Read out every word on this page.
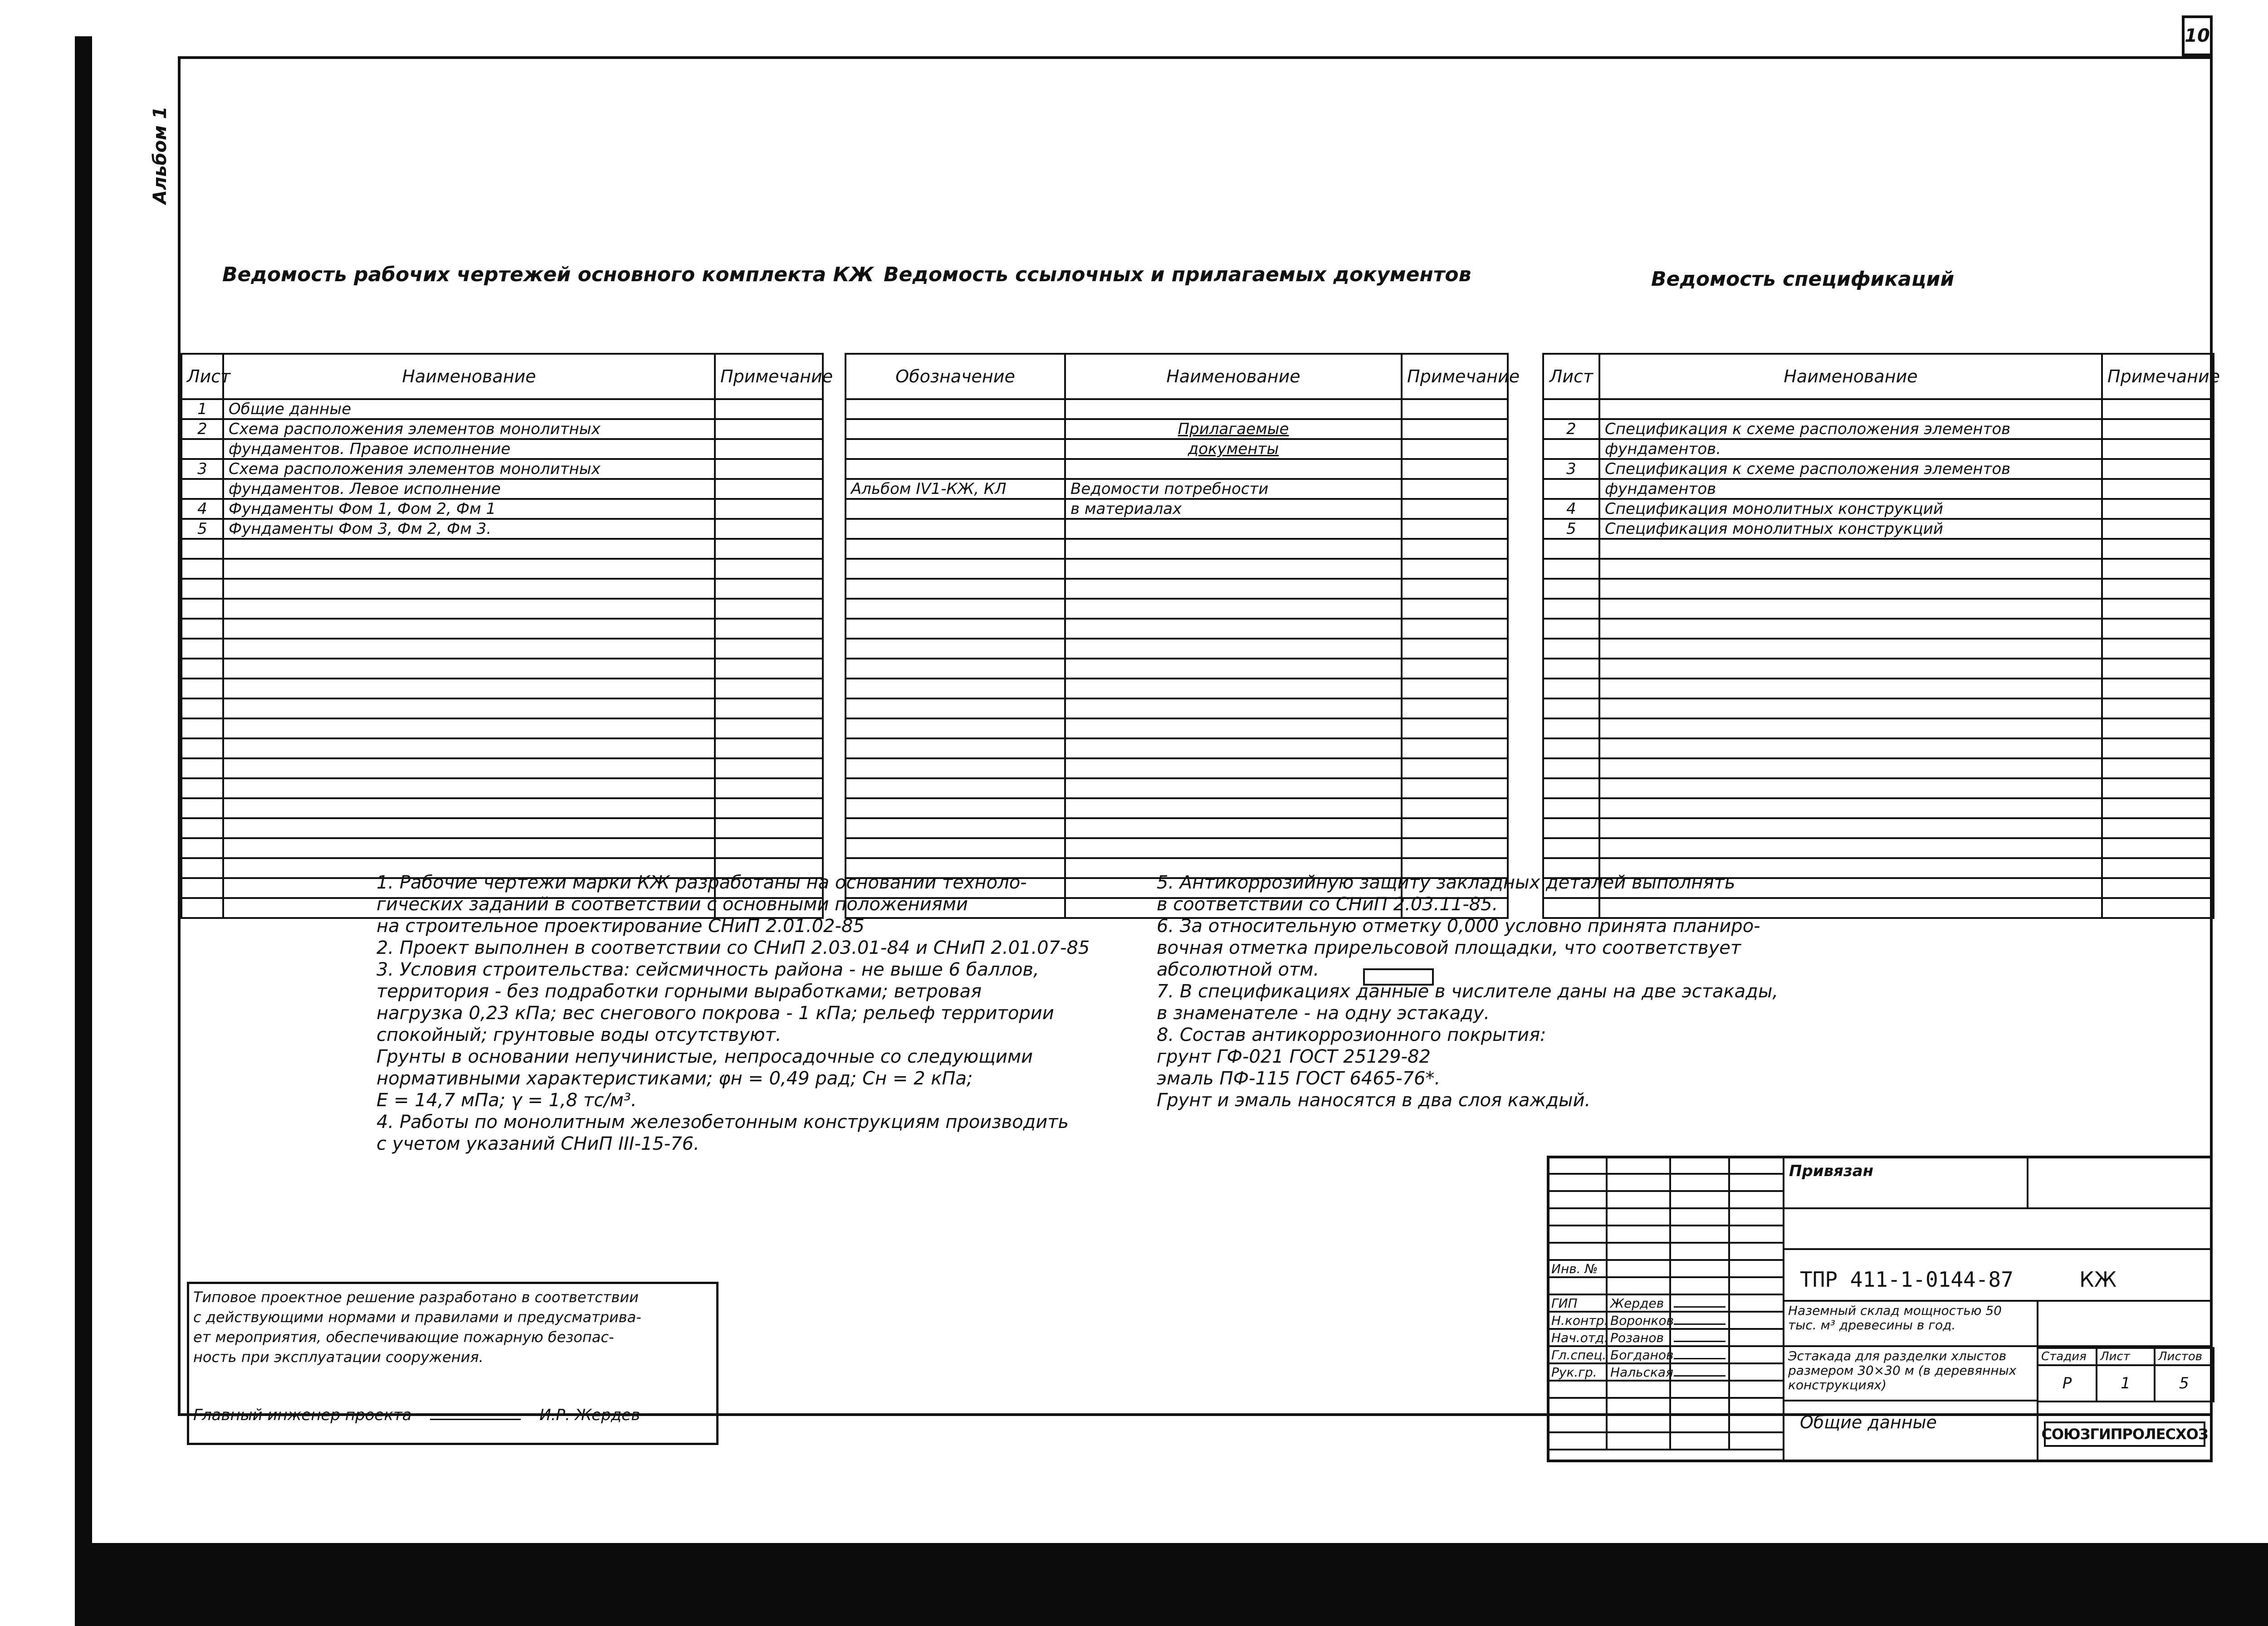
10
Альбом 1
Ведомость рабочих чертежей основного комплекта КЖ Ведомость ссылочных и прилагаемых документов	Ведомость спецификаций
Лист	Наименование	Примечание
1	Общие данные	
2	Схема расположения элементов монолитных	
	фундаментов. Правое исполнение	
3	Схема расположения элементов монолитных	
	фундаментов. Левое исполнение	
4	Фундаменты Фом 1, Фом 2, Фм 1	
5	Фундаменты Фом 3, Фм 2, Фм 3.	

Обозначение	Наименование	Примечание

	Прилагаемые	
	документы	

Альбом IV1-КЖ, КЛ	Ведомости потребности	
	в материалах	

Лист	Наименование	Примечание

2	Спецификация к схеме расположения элементов	
	фундаментов.	
3	Спецификация к схеме расположения элементов	
	фундаментов	
4	Спецификация монолитных конструкций	
5	Спецификация монолитных конструкций	

1. Рабочие чертежи марки КЖ разработаны на основании техноло-
гических заданий в соответствии с основными положениями
на строительное проектирование СНиП 2.01.02-85
2. Проект выполнен в соответствии со СНиП 2.03.01-84 и СНиП 2.01.07-85
3. Условия строительства: сейсмичность района - не выше 6 баллов,
территория - без подработки горными выработками; ветровая
нагрузка 0,23 кПа; вес снегового покрова - 1 кПа; рельеф территории
спокойный; грунтовые воды отсутствуют.
Грунты в основании непучинистые, непросадочные со следующими
нормативными характеристиками; φн = 0,49 рад; Сн = 2 кПа;
Е = 14,7 мПа; γ = 1,8 тс/м³.
4. Работы по монолитным железобетонным конструкциям производить
с учетом указаний СНиП III-15-76.
5. Антикоррозийную защиту закладных деталей выполнять
в соответствии со СНиП 2.03.11-85.
6. За относительную отметку 0,000 условно принята планиро-
вочная отметка прирельсовой площадки, что соответствует
абсолютной отм.
7. В спецификациях данные в числителе даны на две эстакады,
в знаменателе - на одну эстакаду.
8. Состав антикоррозионного покрытия:
грунт ГФ-021 ГОСТ 25129-82
эмаль ПФ-115 ГОСТ 6465-76*.
Грунт и эмаль наносятся в два слоя каждый.
Типовое проектное решение разработано в соответствии
с действующими нормами и правилами и предусматрива-
ет мероприятия, обеспечивающие пожарную безопас-
ность при эксплуатации сооружения.
Главный инженер проекта	И.Р. Жердев

Инв. №			

ГИП	Жердев		
Н.контр.	Воронков		
Нач.отд.	Розанов		
Гл.спец.	Богданов		
Рук.гр.	Нальская		

Привязан
ТПР 411-1-0144-87	КЖ
Наземный склад мощностью 50 тыс. м³ древесины в год.
Эстакада для разделки хлыстов размером 30×30 м (в деревянных конструкциях)
Стадия	Лист	Листов
Р	1	5
Общие данные
СОЮЗГИПРОЛЕСХОЗ
